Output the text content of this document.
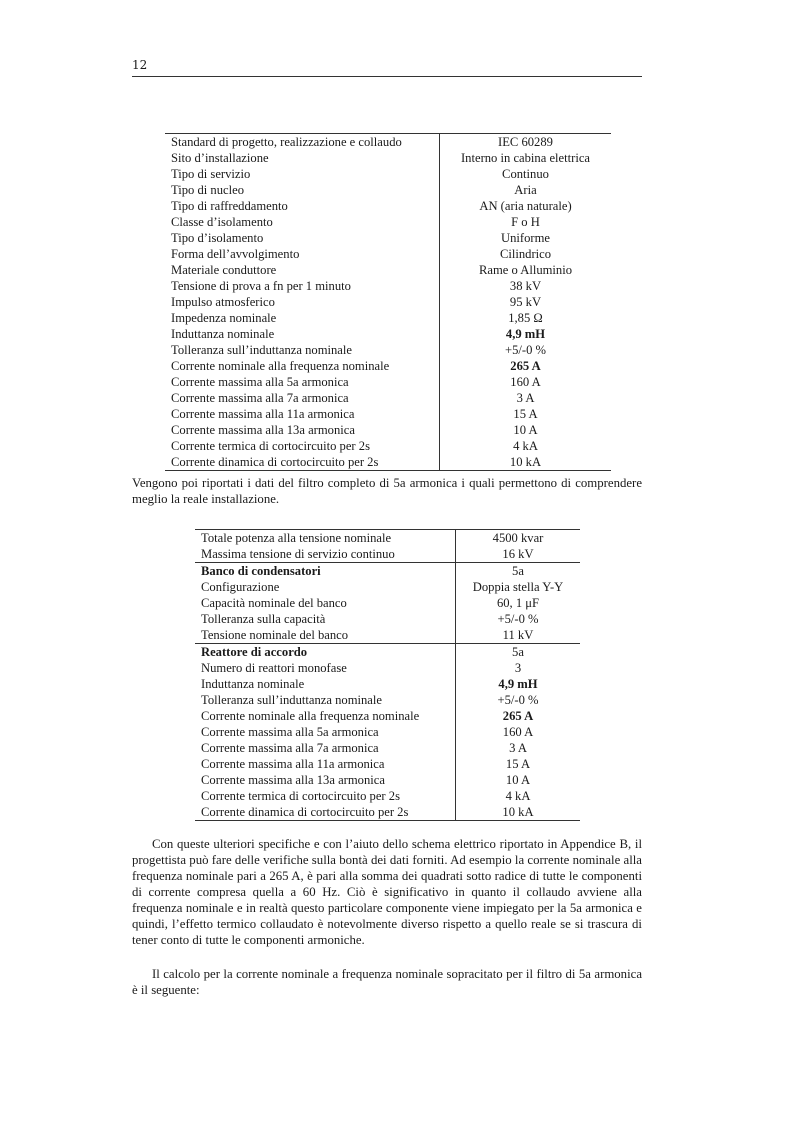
12
Standard di progetto, realizzazione e collaudo	IEC 60289
Sito d’installazione	Interno in cabina elettrica
Tipo di servizio	Continuo
Tipo di nucleo	Aria
Tipo di raffreddamento	AN (aria naturale)
Classe d’isolamento	F o H
Tipo d’isolamento	Uniforme
Forma dell’avvolgimento	Cilindrico
Materiale conduttore	Rame o Alluminio
Tensione di prova a fn per 1 minuto	38 kV
Impulso atmosferico	95 kV
Impedenza nominale	1,85 Ω
Induttanza nominale	4,9 mH
Tolleranza sull’induttanza nominale	+5/-0 %
Corrente nominale alla frequenza nominale	265 A
Corrente massima alla 5a armonica	160 A
Corrente massima alla 7a armonica	3 A
Corrente massima alla 11a armonica	15 A
Corrente massima alla 13a armonica	10 A
Corrente termica di cortocircuito per 2s	4 kA
Corrente dinamica di cortocircuito per 2s	10 kA

Vengono poi riportati i dati del filtro completo di 5a armonica i quali permettono di comprendere meglio la reale installazione.

Totale potenza alla tensione nominale	4500 kvar
Massima tensione di servizio continuo	16 kV
Banco di condensatori	5a
Configurazione	Doppia stella Y-Y
Capacità nominale del banco	60, 1 μF
Tolleranza sulla capacità	+5/-0 %
Tensione nominale del banco	11 kV
Reattore di accordo	5a
Numero di reattori monofase	3
Induttanza nominale	4,9 mH
Tolleranza sull’induttanza nominale	+5/-0 %
Corrente nominale alla frequenza nominale	265 A
Corrente massima alla 5a armonica	160 A
Corrente massima alla 7a armonica	3 A
Corrente massima alla 11a armonica	15 A
Corrente massima alla 13a armonica	10 A
Corrente termica di cortocircuito per 2s	4 kA
Corrente dinamica di cortocircuito per 2s	10 kA

Con queste ulteriori specifiche e con l’aiuto dello schema elettrico riportato in Appendice B, il progettista può fare delle verifiche sulla bontà dei dati forniti. Ad esempio la corrente nominale alla frequenza nominale pari a 265 A, è pari alla somma dei quadrati sotto radice di tutte le componenti di corrente compresa quella a 60 Hz. Ciò è significativo in quanto il collaudo avviene alla frequenza nominale e in realtà questo particolare componente viene impiegato per la 5a armonica e quindi, l’effetto termico collaudato è notevolmente diverso rispetto a quello reale se si trascura di tener conto di tutte le componenti armoniche.

Il calcolo per la corrente nominale a frequenza nominale sopracitato per il filtro di 5a armonica è il seguente:
